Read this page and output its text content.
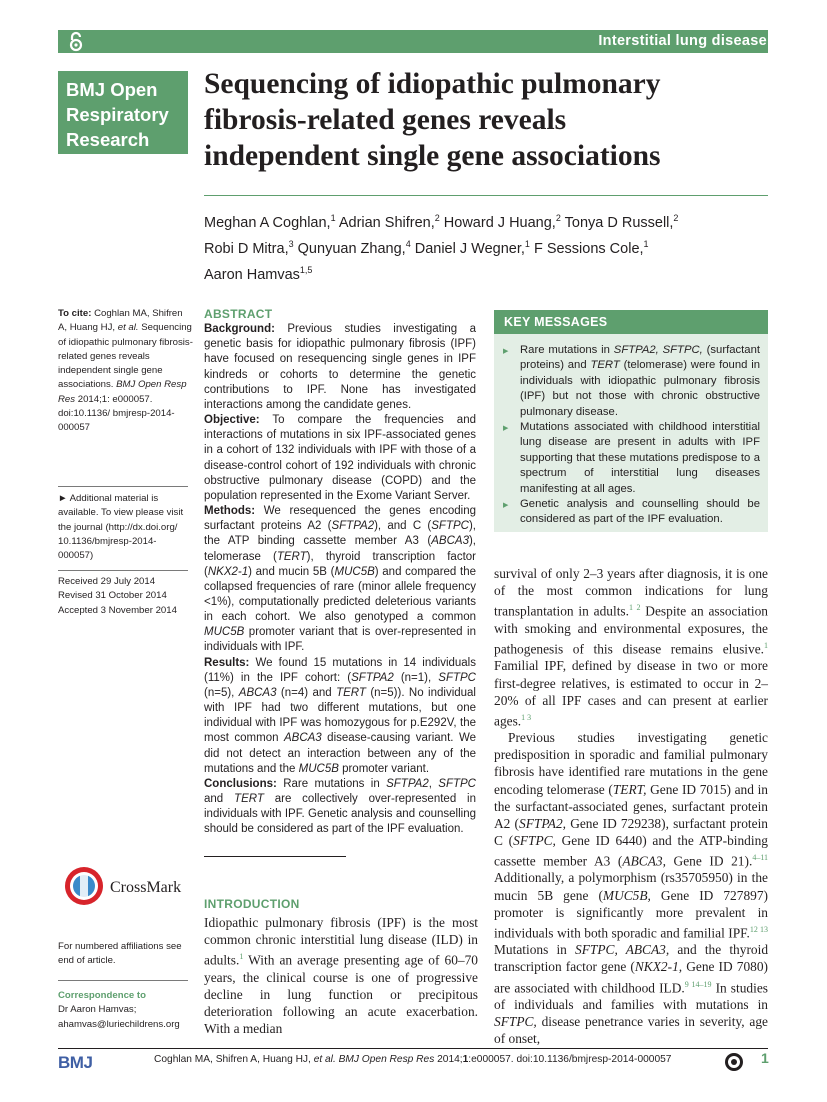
Interstitial lung disease
BMJ Open
Respiratory
Research
Sequencing of idiopathic pulmonary
fibrosis-related genes reveals
independent single gene associations
Meghan A Coghlan,$^1$ Adrian Shifren,$^2$ Howard J Huang,$^2$ Tonya D Russell,$^2$
Robi D Mitra,$^3$ Qunyuan Zhang,$^4$ Daniel J Wegner,$^1$ F Sessions Cole,$^1$
Aaron Hamvas$^{1,5}$
To cite: Coghlan MA, Shifren A, Huang HJ, et al. Sequencing of idiopathic pulmonary fibrosis-related genes reveals independent single gene associations. BMJ Open Resp Res 2014;1: e000057. doi:10.1136/ bmjresp-2014-000057
► Additional material is available. To view please visit the journal (http://dx.doi.org/ 10.1136/bmjresp-2014- 000057)
Received 29 July 2014
Revised 31 October 2014
Accepted 3 November 2014
CrossMark
For numbered affiliations see end of article.
Correspondence to
Dr Aaron Hamvas;
ahamvas@luriechildrens.org
ABSTRACT

Background: Previous studies investigating a genetic basis for idiopathic pulmonary fibrosis (IPF) have focused on resequencing single genes in IPF kindreds or cohorts to determine the genetic contributions to IPF. None has investigated interactions among the candidate genes.

Objective: To compare the frequencies and interactions of mutations in six IPF-associated genes in a cohort of 132 individuals with IPF with those of a disease-control cohort of 192 individuals with chronic obstructive pulmonary disease (COPD) and the population represented in the Exome Variant Server.

Methods: We resequenced the genes encoding surfactant proteins A2 (SFTPA2), and C (SFTPC), the ATP binding cassette member A3 (ABCA3), telomerase (TERT), thyroid transcription factor (NKX2-1) and mucin 5B (MUC5B) and compared the collapsed frequencies of rare (minor allele frequency <1%), computationally predicted deleterious variants in each cohort. We also genotyped a common MUC5B promoter variant that is over-represented in individuals with IPF.

Results: We found 15 mutations in 14 individuals (11%) in the IPF cohort: (SFTPA2 (n=1), SFTPC (n=5), ABCA3 (n=4) and TERT (n=5)). No individual with IPF had two different mutations, but one individual with IPF was homozygous for p.E292V, the most common ABCA3 disease-causing variant. We did not detect an interaction between any of the mutations and the MUC5B promoter variant.

Conclusions: Rare mutations in SFTPA2, SFTPC and TERT are collectively over-represented in individuals with IPF. Genetic analysis and counselling should be considered as part of the IPF evaluation.

KEY MESSAGES
▶ Rare mutations in SFTPA2, SFTPC, (surfactant proteins) and TERT (telomerase) were found in individuals with idiopathic pulmonary fibrosis (IPF) but not those with chronic obstructive pulmonary disease.
▶ Mutations associated with childhood interstitial lung disease are present in adults with IPF supporting that these mutations predispose to a spectrum of interstitial lung diseases manifesting at all ages.
▶ Genetic analysis and counselling should be considered as part of the IPF evaluation.
INTRODUCTION
Idiopathic pulmonary fibrosis (IPF) is the most common chronic interstitial lung disease (ILD) in adults.$^1$ With an average presenting age of 60–70 years, the clinical course is one of progressive decline in lung function or precipitous deterioration following an acute exacerbation. With a median
survival of only 2–3 years after diagnosis, it is one of the most common indications for lung transplantation in adults.$^{1 2}$ Despite an association with smoking and environmental exposures, the pathogenesis of this disease remains elusive.$^1$ Familial IPF, defined by disease in two or more first-degree relatives, is estimated to occur in 2–20% of all IPF cases and can present at earlier ages.$^{1 3}$
Previous studies investigating genetic predisposition in sporadic and familial pulmonary fibrosis have identified rare mutations in the gene encoding telomerase (TERT, Gene ID 7015) and in the surfactant-associated genes, surfactant protein A2 (SFTPA2, Gene ID 729238), surfactant protein C (SFTPC, Gene ID 6440) and the ATP-binding cassette member A3 (ABCA3, Gene ID 21).$^{4-11}$ Additionally, a polymorphism (rs35705950) in the mucin 5B gene (MUC5B, Gene ID 727897) promoter is significantly more prevalent in individuals with both sporadic and familial IPF.$^{12 13}$ Mutations in SFTPC, ABCA3, and the thyroid transcription factor gene (NKX2-1, Gene ID 7080) are associated with childhood ILD.$^{9 14-19}$ In studies of individuals and families with mutations in SFTPC, disease penetrance varies in severity, age of onset,
BMJ	Coghlan MA, Shifren A, Huang HJ, et al. BMJ Open Resp Res 2014;1:e000057. doi:10.1136/bmjresp-2014-000057	1
